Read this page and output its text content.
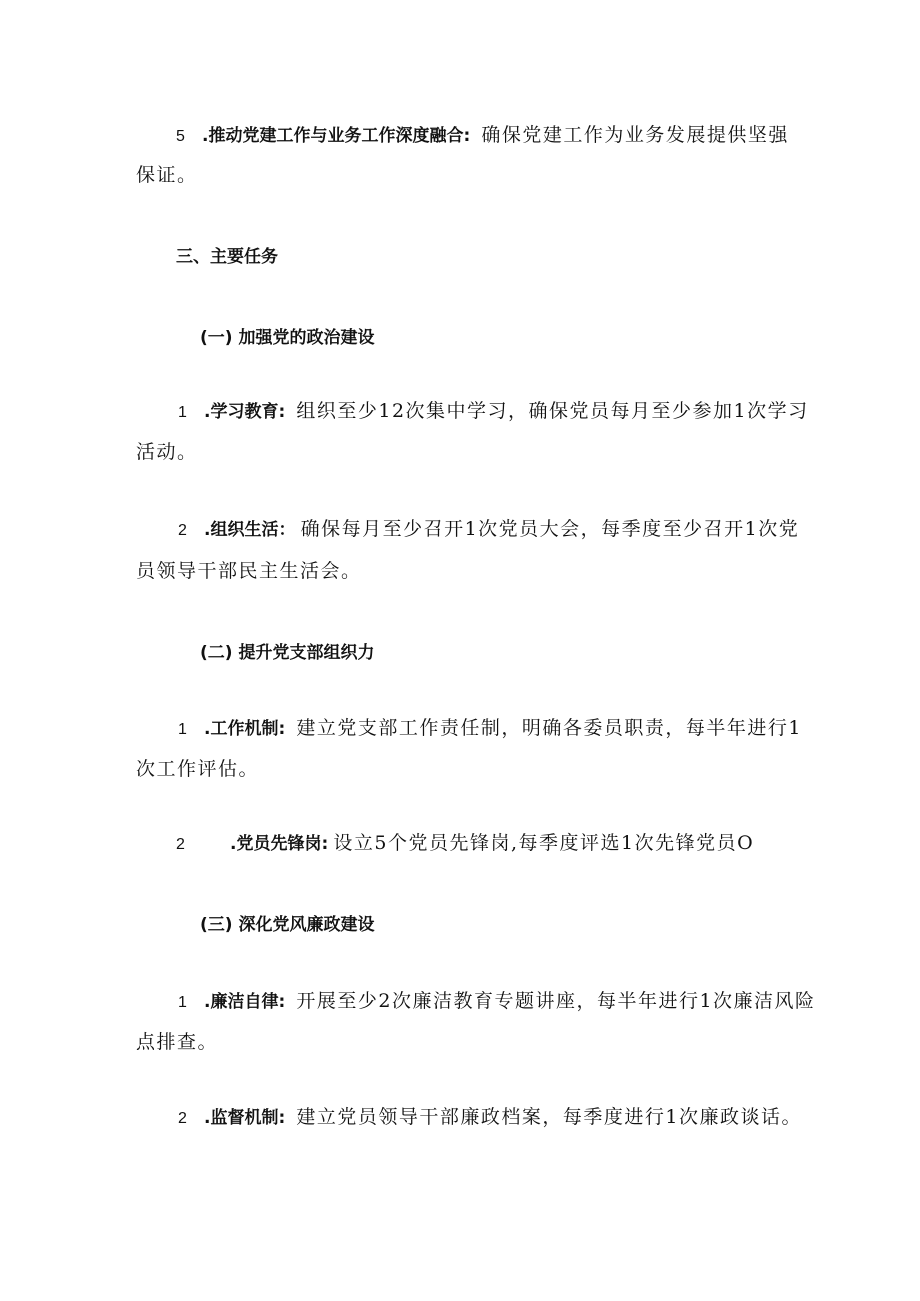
5 .推动党建工作与业务工作深度融合: 确保党建工作为业务发展提供坚强
保证。
三、主要任务
(一) 加强党的政治建设
1 .学习教育: 组织至少12次集中学习，确保党员每月至少参加1次学习
活动。
2 .组织生活： 确保每月至少召开1次党员大会，每季度至少召开1次党
员领导干部民主生活会。
(二) 提升党支部组织力
1 .工作机制: 建立党支部工作责任制，明确各委员职责，每半年进行1
次工作评估。
2	.党员先锋岗: 设立5个党员先锋岗,每季度评选1次先锋党员O
(三) 深化党风廉政建设
1 .廉洁自律: 开展至少2次廉洁教育专题讲座，每半年进行1次廉洁风险
点排查。
2 .监督机制: 建立党员领导干部廉政档案，每季度进行1次廉政谈话。
